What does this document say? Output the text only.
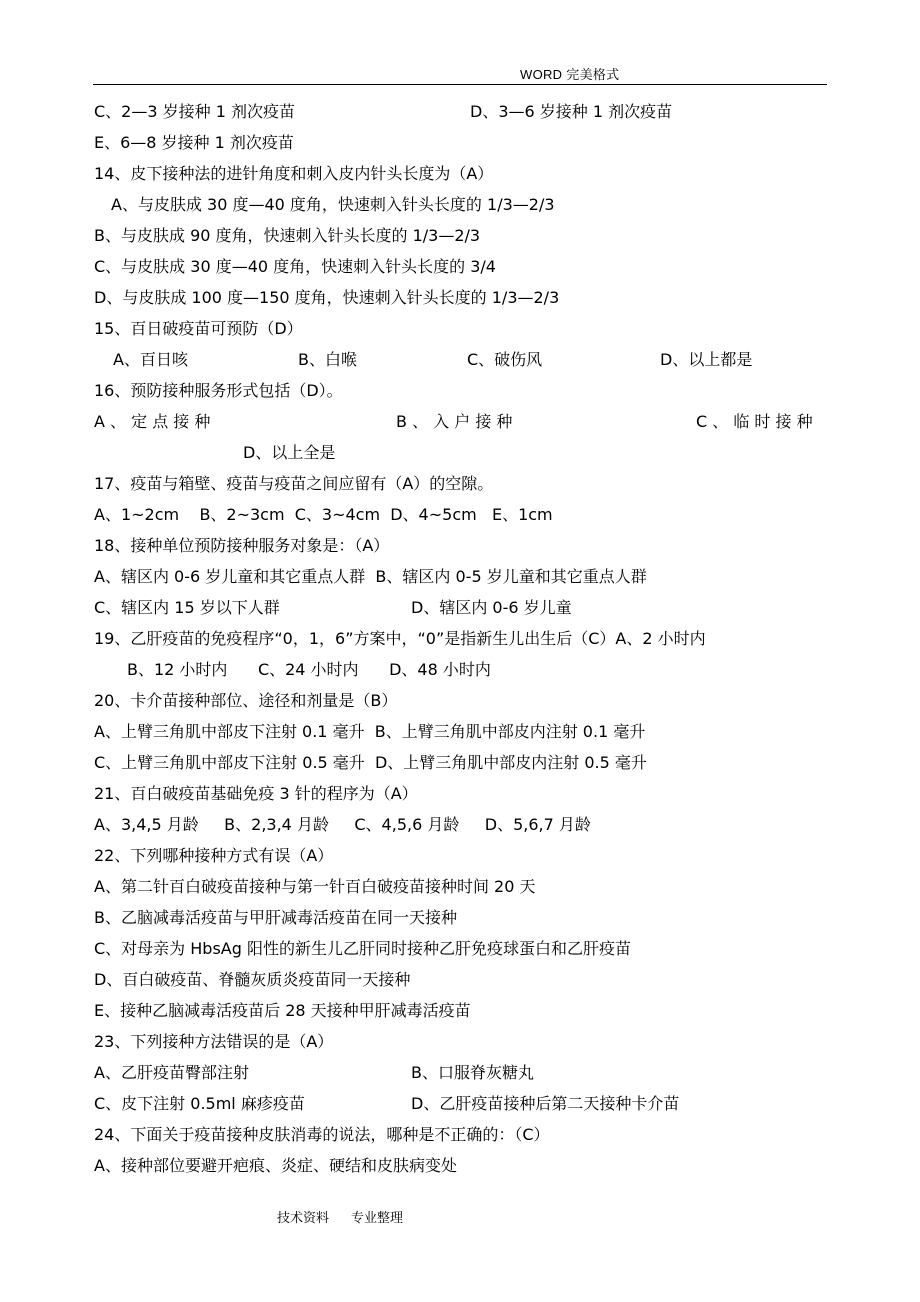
WORD 完美格式
C、2—3 岁接种 1 剂次疫苗	D、3—6 岁接种 1 剂次疫苗
E、6—8 岁接种 1 剂次疫苗
14、皮下接种法的进针角度和刺入皮内针头长度为（A）
A、与皮肤成 30 度—40 度角，快速刺入针头长度的 1/3—2/3
B、与皮肤成 90 度角，快速刺入针头长度的 1/3—2/3
C、与皮肤成 30 度—40 度角，快速刺入针头长度的 3/4
D、与皮肤成 100 度—150 度角，快速刺入针头长度的 1/3—2/3
15、百日破疫苗可预防（D）
A、百日咳	B、白喉	C、破伤风	D、以上都是
16、预防接种服务形式包括（D）。
A 、 定 点 接 种	B 、 入 户 接 种	C 、 临 时 接 种
D、以上全是
17、疫苗与箱壁、疫苗与疫苗之间应留有（A）的空隙。
A、1~2cm    B、2~3cm  C、3~4cm  D、4~5cm   E、1cm
18、接种单位预防接种服务对象是：（A）
A、辖区内 0-6 岁儿童和其它重点人群  B、辖区内 0-5 岁儿童和其它重点人群
C、辖区内 15 岁以下人群	D、辖区内 0-6 岁儿童
19、乙肝疫苗的免疫程序“0，1，6”方案中，“0”是指新生儿出生后（C）A、2 小时内
B、12 小时内      C、24 小时内      D、48 小时内
20、卡介苗接种部位、途径和剂量是（B）
A、上臂三角肌中部皮下注射 0.1 毫升  B、上臂三角肌中部皮内注射 0.1 毫升
C、上臂三角肌中部皮下注射 0.5 毫升  D、上臂三角肌中部皮内注射 0.5 毫升
21、百白破疫苗基础免疫 3 针的程序为（A）
A、3,4,5 月龄     B、2,3,4 月龄     C、4,5,6 月龄     D、5,6,7 月龄
22、下列哪种接种方式有误（A）
A、第二针百白破疫苗接种与第一针百白破疫苗接种时间 20 天
B、乙脑减毒活疫苗与甲肝减毒活疫苗在同一天接种
C、对母亲为 HbsAg 阳性的新生儿乙肝同时接种乙肝免疫球蛋白和乙肝疫苗
D、百白破疫苗、脊髓灰质炎疫苗同一天接种
E、接种乙脑减毒活疫苗后 28 天接种甲肝减毒活疫苗
23、下列接种方法错误的是（A）
A、乙肝疫苗臀部注射	B、口服脊灰糖丸
C、皮下注射 0.5ml 麻疹疫苗	D、乙肝疫苗接种后第二天接种卡介苗
24、下面关于疫苗接种皮肤消毒的说法，哪种是不正确的：（C）
A、接种部位要避开疤痕、炎症、硬结和皮肤病变处
技术资料 专业整理
